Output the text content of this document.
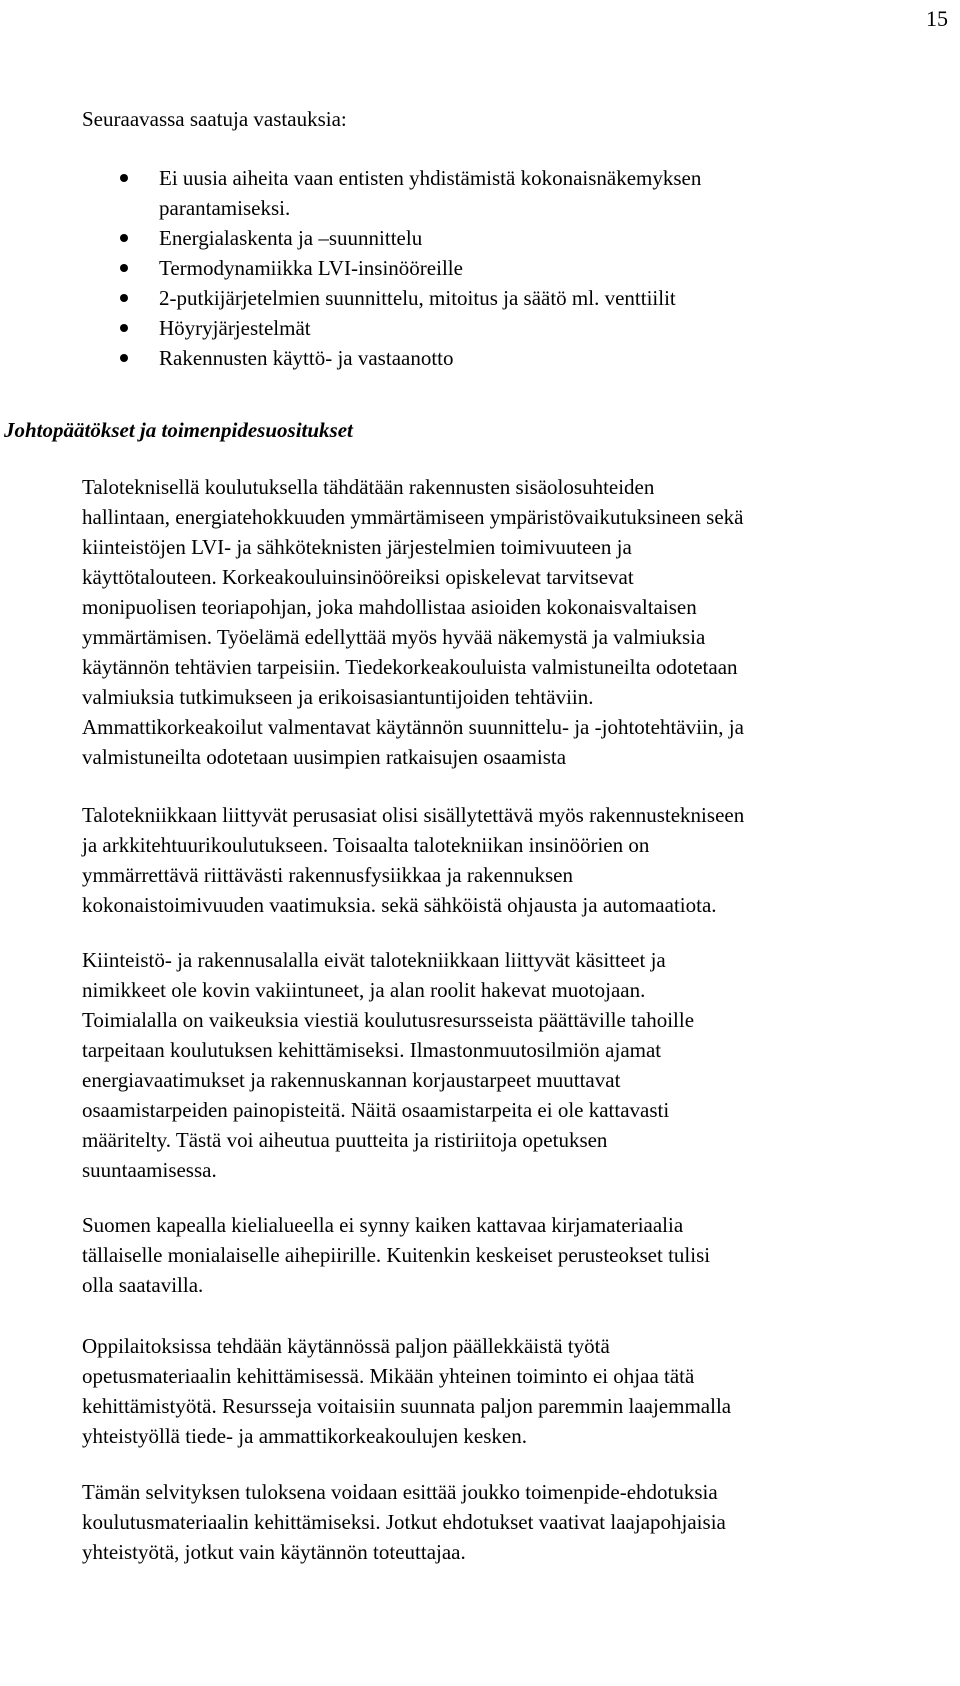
15

Seuraavassa saatuja vastauksia:

Ei uusia aiheita vaan entisten yhdistämistä kokonaisnäkemyksen parantamiseksi.
Energialaskenta ja –suunnittelu
Termodynamiikka LVI-insinööreille
2-putkijärjetelmien suunnittelu, mitoitus ja säätö ml. venttiilit
Höyryjärjestelmät
Rakennusten käyttö- ja vastaanotto
Johtopäätökset ja toimenpidesuositukset
Taloteknisellä koulutuksella tähdätään rakennusten sisäolosuhteiden
hallintaan, energiatehokkuuden ymmärtämiseen ympäristövaikutuksineen sekä
kiinteistöjen LVI- ja sähköteknisten järjestelmien toimivuuteen ja
käyttötalouteen. Korkeakouluinsinööreiksi opiskelevat tarvitsevat
monipuolisen teoriapohjan, joka mahdollistaa asioiden kokonaisvaltaisen
ymmärtämisen. Työelämä edellyttää myös hyvää näkemystä ja valmiuksia
käytännön tehtävien tarpeisiin. Tiedekorkeakouluista valmistuneilta odotetaan
valmiuksia tutkimukseen ja erikoisasiantuntijoiden tehtäviin.
Ammattikorkeakoilut valmentavat käytännön suunnittelu- ja -johtotehtäviin, ja
valmistuneilta odotetaan uusimpien ratkaisujen osaamista
Talotekniikkaan liittyvät perusasiat olisi sisällytettävä myös rakennustekniseen
ja arkkitehtuurikoulutukseen. Toisaalta talotekniikan insinöörien on
ymmärrettävä riittävästi rakennusfysiikkaa ja rakennuksen
kokonaistoimivuuden vaatimuksia. sekä sähköistä ohjausta ja automaatiota.
Kiinteistö- ja rakennusalalla eivät talotekniikkaan liittyvät käsitteet ja
nimikkeet ole kovin vakiintuneet, ja alan roolit hakevat muotojaan.
Toimialalla on vaikeuksia viestiä koulutusresursseista päättäville tahoille
tarpeitaan koulutuksen kehittämiseksi. Ilmastonmuutosilmiön ajamat
energiavaatimukset ja rakennuskannan korjaustarpeet muuttavat
osaamistarpeiden painopisteitä. Näitä osaamistarpeita ei ole kattavasti
määritelty. Tästä voi aiheutua puutteita ja ristiriitoja opetuksen
suuntaamisessa.
Suomen kapealla kielialueella ei synny kaiken kattavaa kirjamateriaalia
tällaiselle monialaiselle aihepiirille. Kuitenkin keskeiset perusteokset tulisi
olla saatavilla.
Oppilaitoksissa tehdään käytännössä paljon päällekkäistä työtä
opetusmateriaalin kehittämisessä. Mikään yhteinen toiminto ei ohjaa tätä
kehittämistyötä. Resursseja voitaisiin suunnata paljon paremmin laajemmalla
yhteistyöllä tiede- ja ammattikorkeakoulujen kesken.
Tämän selvityksen tuloksena voidaan esittää joukko toimenpide-ehdotuksia
koulutusmateriaalin kehittämiseksi. Jotkut ehdotukset vaativat laajapohjaisia
yhteistyötä, jotkut vain käytännön toteuttajaa.
